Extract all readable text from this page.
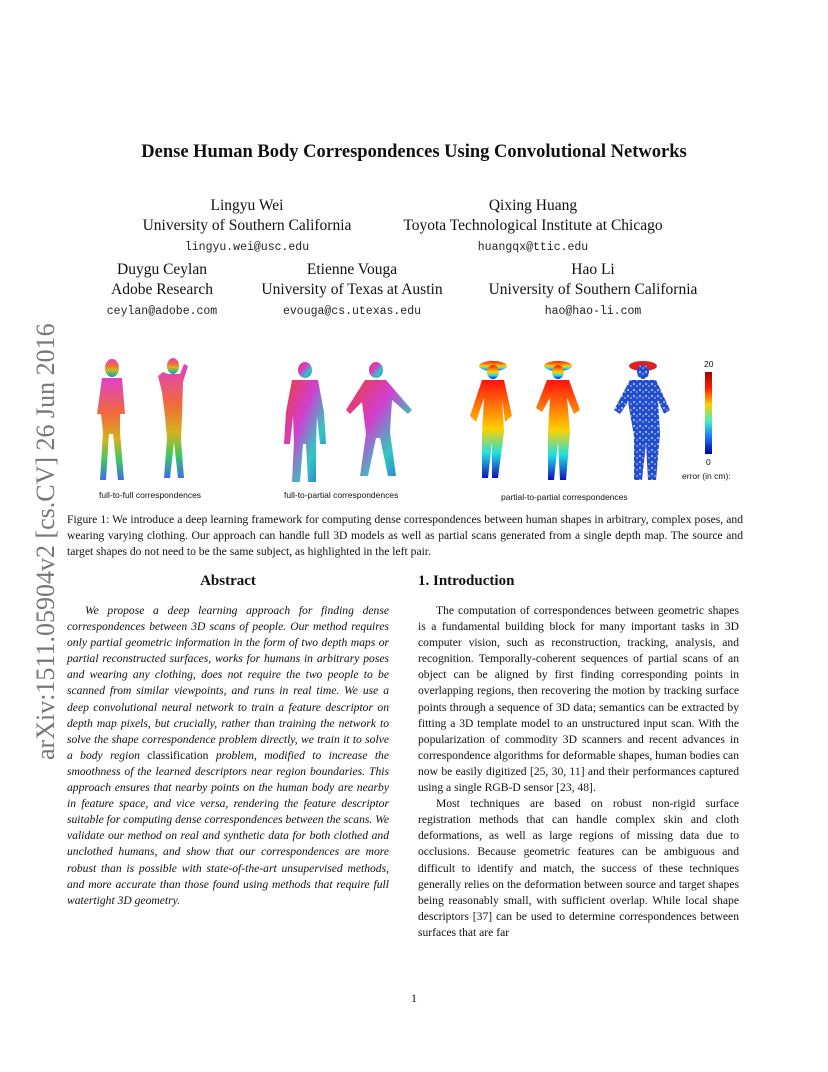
arXiv:1511.05904v2 [cs.CV] 26 Jun 2016
Dense Human Body Correspondences Using Convolutional Networks
Lingyu Wei
University of Southern California
lingyu.wei@usc.edu
Qixing Huang
Toyota Technological Institute at Chicago
huangqx@ttic.edu
Duygu Ceylan
Adobe Research
ceylan@adobe.com
Etienne Vouga
University of Texas at Austin
evouga@cs.utexas.edu
Hao Li
University of Southern California
hao@hao-li.com
20
0
error (in cm):
full-to-full correspondences	full-to-partial correspondences	partial-to-partial correspondences
Figure 1: We introduce a deep learning framework for computing dense correspondences between human shapes in arbitrary, complex poses, and wearing varying clothing. Our approach can handle full 3D models as well as partial scans generated from a single depth map. The source and target shapes do not need to be the same subject, as highlighted in the left pair.
Abstract
We propose a deep learning approach for finding dense correspondences between 3D scans of people. Our method requires only partial geometric information in the form of two depth maps or partial reconstructed surfaces, works for humans in arbitrary poses and wearing any clothing, does not require the two people to be scanned from similar viewpoints, and runs in real time. We use a deep convolutional neural network to train a feature descriptor on depth map pixels, but crucially, rather than training the network to solve the shape correspondence problem directly, we train it to solve a body region classification problem, modified to increase the smoothness of the learned descriptors near region boundaries. This approach ensures that nearby points on the human body are nearby in feature space, and vice versa, rendering the feature descriptor suitable for computing dense correspondences between the scans. We validate our method on real and synthetic data for both clothed and unclothed humans, and show that our correspondences are more robust than is possible with state-of-the-art unsupervised methods, and more accurate than those found using methods that require full watertight 3D geometry.
1. Introduction

The computation of correspondences between geometric shapes is a fundamental building block for many important tasks in 3D computer vision, such as reconstruction, tracking, analysis, and recognition. Temporally-coherent sequences of partial scans of an object can be aligned by first finding corresponding points in overlapping regions, then recovering the motion by tracking surface points through a sequence of 3D data; semantics can be extracted by fitting a 3D template model to an unstructured input scan. With the popularization of commodity 3D scanners and recent advances in correspondence algorithms for deformable shapes, human bodies can now be easily digitized [25, 30, 11] and their performances captured using a single RGB-D sensor [23, 48].

Most techniques are based on robust non-rigid surface registration methods that can handle complex skin and cloth deformations, as well as large regions of missing data due to occlusions. Because geometric features can be ambiguous and difficult to identify and match, the success of these techniques generally relies on the deformation between source and target shapes being reasonably small, with sufficient overlap. While local shape descriptors [37] can be used to determine correspondences between surfaces that are far

1
